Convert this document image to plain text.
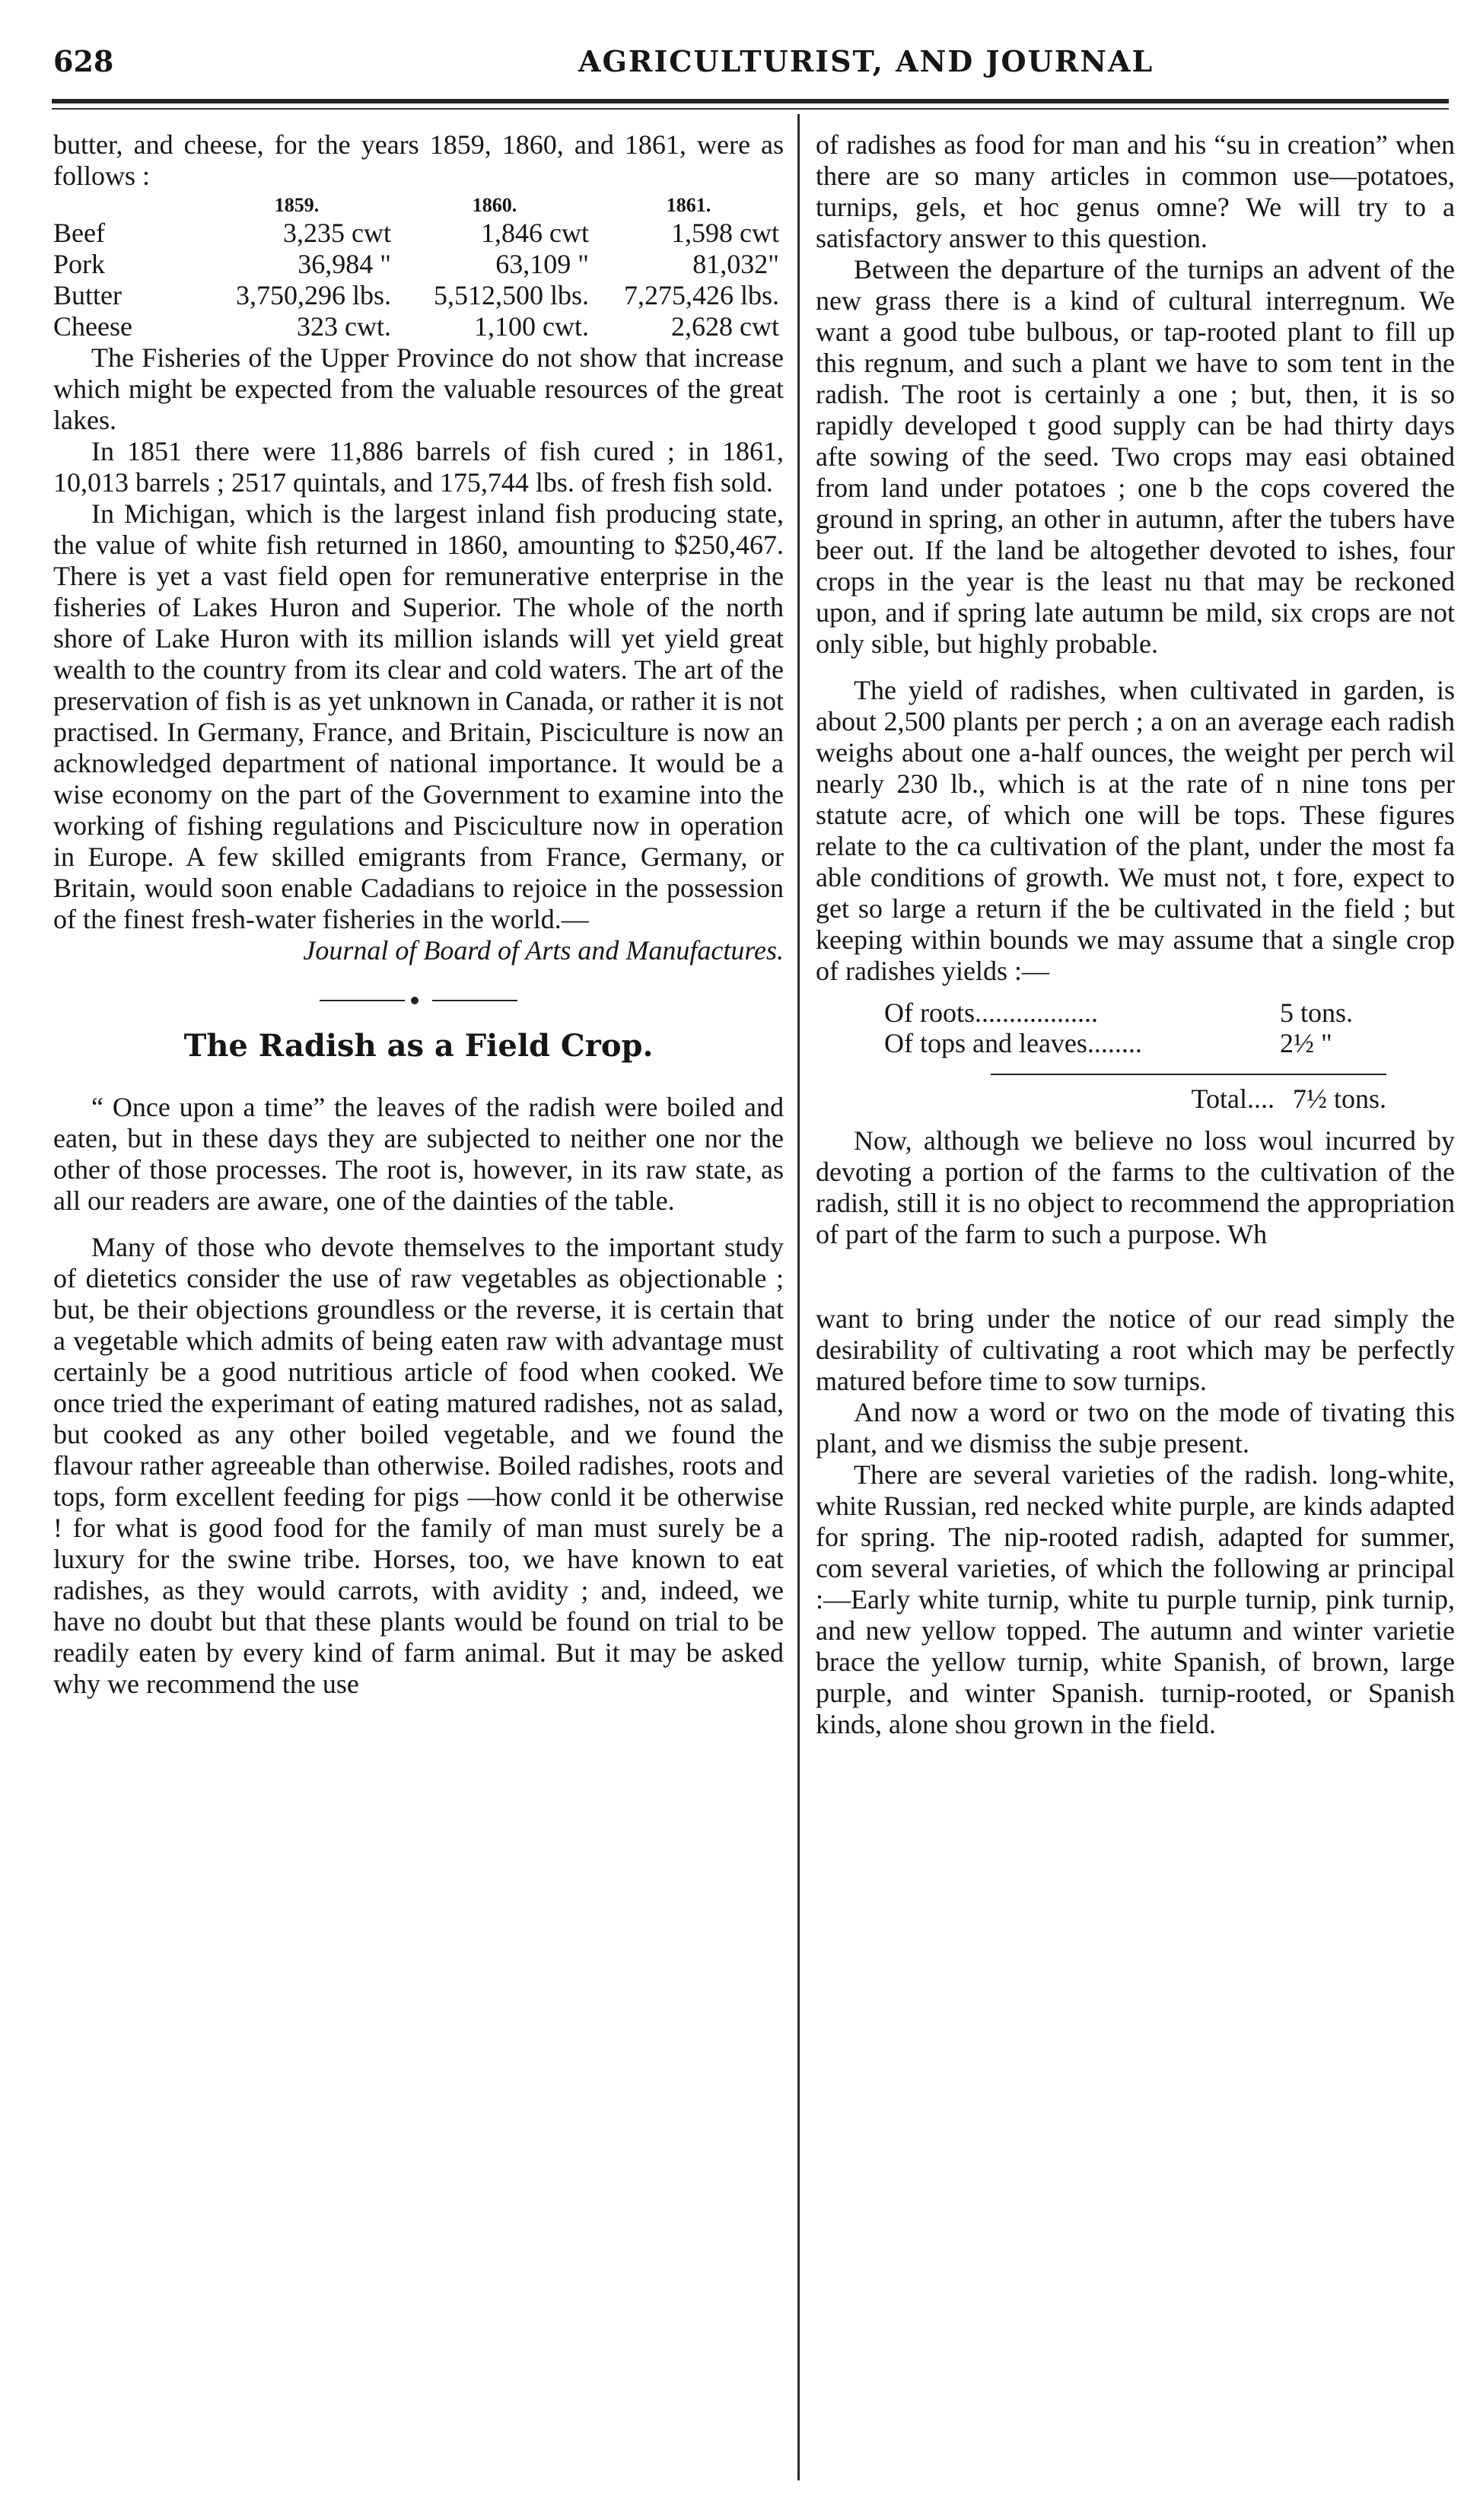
628	AGRICULTURIST, AND JOURNAL

butter, and cheese, for the years 1859, 1860, and 1861, were as follows :

1859.	1860.	1861.
Beef	3,235 cwt	1,846 cwt	1,598 cwt
Pork	36,984 "	63,109 "	81,032"
Butter	3,750,296 lbs.	5,512,500 lbs.	7,275,426 lbs.
Cheese	323 cwt.	1,100 cwt.	2,628 cwt

The Fisheries of the Upper Province do not show that increase which might be expected from the valuable resources of the great lakes.

In 1851 there were 11,886 barrels of fish cured ; in 1861, 10,013 barrels ; 2517 quintals, and 175,744 lbs. of fresh fish sold.

In Michigan, which is the largest inland fish producing state, the value of white fish returned in 1860, amounting to $250,467. There is yet a vast field open for remunerative enterprise in the fisheries of Lakes Huron and Superior. The whole of the north shore of Lake Huron with its million islands will yet yield great wealth to the country from its clear and cold waters. The art of the preservation of fish is as yet unknown in Canada, or rather it is not practised. In Germany, France, and Britain, Pisciculture is now an acknowledged department of national importance. It would be a wise economy on the part of the Government to examine into the working of fishing regulations and Pisciculture now in operation in Europe. A few skilled emigrants from France, Germany, or Britain, would soon enable Cadadians to rejoice in the possession of the finest fresh-water fisheries in the world.—

Journal of Board of Arts and Manufactures.

The Radish as a Field Crop.

“ Once upon a time” the leaves of the radish were boiled and eaten, but in these days they are subjected to neither one nor the other of those processes. The root is, however, in its raw state, as all our readers are aware, one of the dainties of the table.

Many of those who devote themselves to the important study of dietetics consider the use of raw vegetables as objectionable ; but, be their objections groundless or the reverse, it is certain that a vegetable which admits of being eaten raw with advantage must certainly be a good nutritious article of food when cooked. We once tried the experimant of eating matured radishes, not as salad, but cooked as any other boiled vegetable, and we found the flavour rather agreeable than otherwise. Boiled radishes, roots and tops, form excellent feeding for pigs —how conld it be otherwise ! for what is good food for the family of man must surely be a luxury for the swine tribe. Horses, too, we have known to eat radishes, as they would carrots, with avidity ; and, indeed, we have no doubt but that these plants would be found on trial to be readily eaten by every kind of farm animal. But it may be asked why we recommend the use

of radishes as food for man and his “su in creation” when there are so many articles in common use—potatoes, turnips, gels, et hoc genus omne? We will try to a satisfactory answer to this question.

Between the departure of the turnips an advent of the new grass there is a kind of cultural interregnum. We want a good tube bulbous, or tap-rooted plant to fill up this regnum, and such a plant we have to som tent in the radish. The root is certainly a one ; but, then, it is so rapidly developed t good supply can be had thirty days afte sowing of the seed. Two crops may easi obtained from land under potatoes ; one b the cops covered the ground in spring, an other in autumn, after the tubers have beer out. If the land be altogether devoted to ishes, four crops in the year is the least nu that may be reckoned upon, and if spring late autumn be mild, six crops are not only sible, but highly probable.

The yield of radishes, when cultivated in garden, is about 2,500 plants per perch ; a on an average each radish weighs about one a-half ounces, the weight per perch wil nearly 230 lb., which is at the rate of n nine tons per statute acre, of which one will be tops. These figures relate to the ca cultivation of the plant, under the most fa able conditions of growth. We must not, t fore, expect to get so large a return if the be cultivated in the field ; but keeping within bounds we may assume that a single crop of radishes yields :—

Of roots..................	5 tons.
Of tops and leaves........	2½ "
Total.... 7½ tons.

Now, although we believe no loss woul incurred by devoting a portion of the farms to the cultivation of the radish, still it is no object to recommend the appropriation of part of the farm to such a purpose. Wh

want to bring under the notice of our read simply the desirability of cultivating a root which may be perfectly matured before time to sow turnips.

And now a word or two on the mode of tivating this plant, and we dismiss the subje present.

There are several varieties of the radish. long-white, white Russian, red necked white purple, are kinds adapted for spring. The nip-rooted radish, adapted for summer, com several varieties, of which the following ar principal :—Early white turnip, white tu purple turnip, pink turnip, and new yellow topped. The autumn and winter varietie brace the yellow turnip, white Spanish, of brown, large purple, and winter Spanish. turnip-rooted, or Spanish kinds, alone shou grown in the field.
